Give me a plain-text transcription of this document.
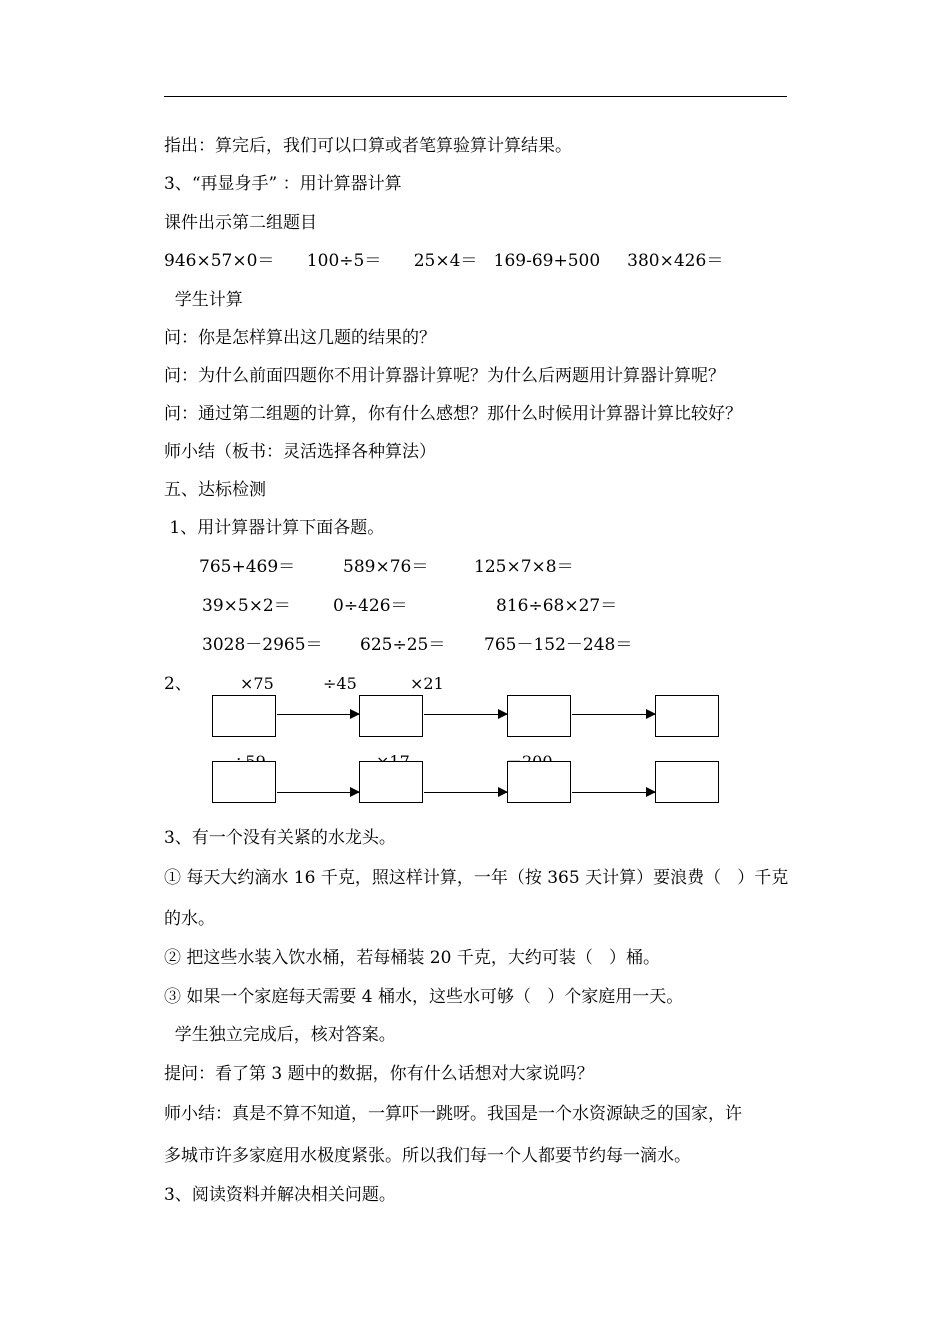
指出：算完后，我们可以口算或者笔算验算计算结果。
3、“再显身手” ：用计算器计算
课件出示第二组题目
946×57×0＝      100÷5＝      25×4＝   169-69+500     380×426＝
学生计算
问：你是怎样算出这几题的结果的？
问：为什么前面四题你不用计算器计算呢？为什么后两题用计算器计算呢？
问：通过第二组题的计算，你有什么感想？那什么时候用计算器计算比较好？
师小结（板书：灵活选择各种算法）
五、达标检测
1、用计算器计算下面各题。
765+469＝	589×76＝	125×7×8＝
39×5×2＝ 0÷426＝	816÷68×27＝
3028－2965＝ 625÷25＝ 765－152－248＝
2、	×75	÷45	×21
3、有一个没有关紧的水龙头。
① 每天大约滴水 16 千克，照这样计算，一年（按 365 天计算）要浪费（   ）千克
的水。
② 把这些水装入饮水桶，若每桶装 20 千克，大约可装（   ）桶。
③ 如果一个家庭每天需要 4 桶水，这些水可够（   ）个家庭用一天。
学生独立完成后，核对答案。
提问：看了第 3 题中的数据，你有什么话想对大家说吗？
师小结：真是不算不知道，一算吓一跳呀。我国是一个水资源缺乏的国家，许
多城市许多家庭用水极度紧张。所以我们每一个人都要节约每一滴水。
3、阅读资料并解决相关问题。
